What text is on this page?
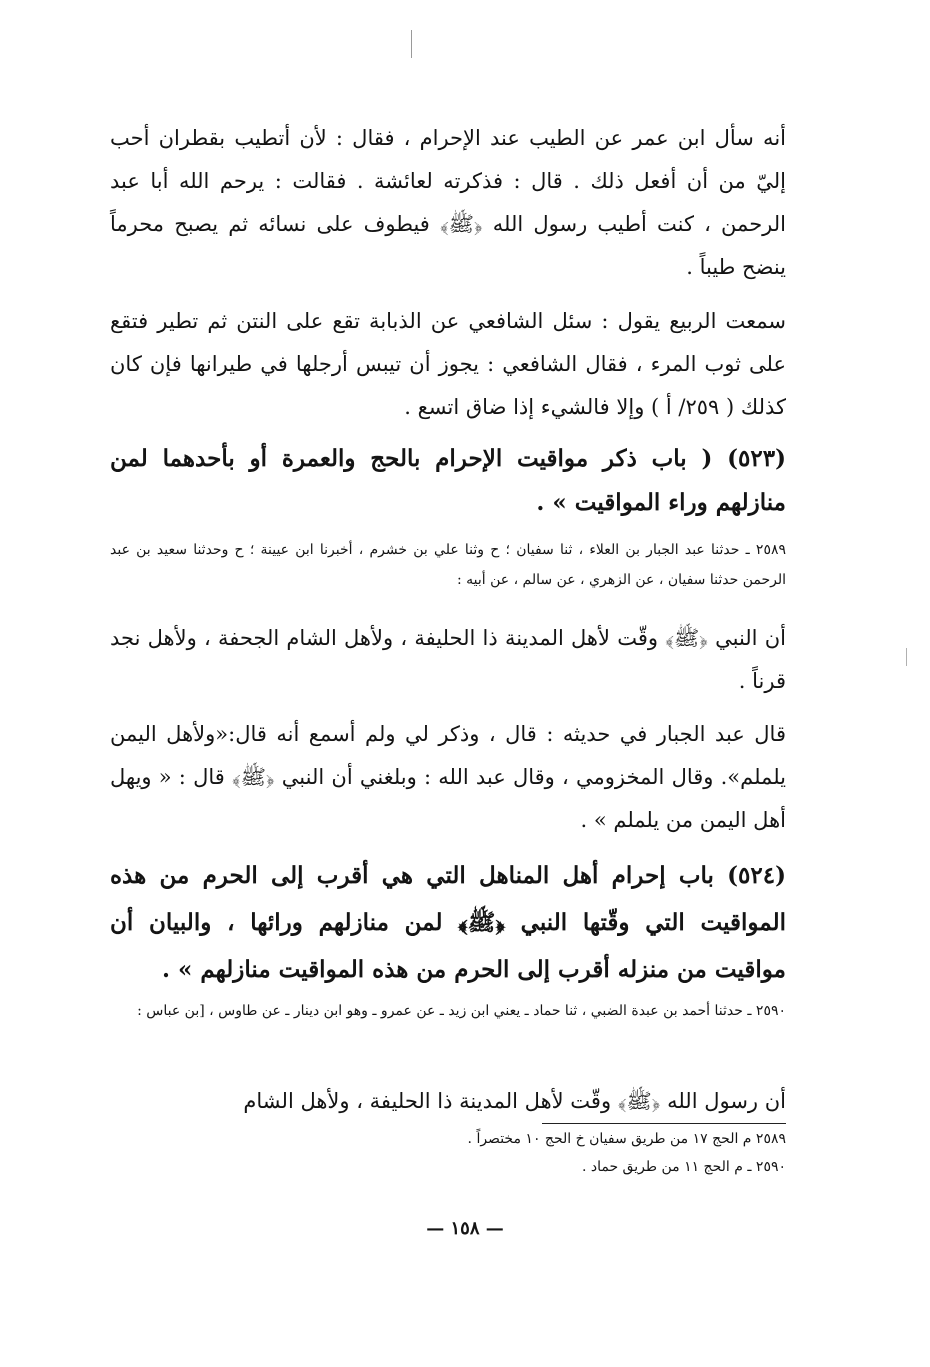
أنه سأل ابن عمر عن الطيب عند الإحرام ، فقال : لأن أتطيب بقطران أحب إليّ من أن أفعل ذلك . قال : فذكرته لعائشة . فقالت : يرحم الله أبا عبد الرحمن ، كنت أطيب رسول الله ﴿ﷺ﴾ فيطوف على نسائه ثم يصبح محرماً ينضح طيباً .
سمعت الربيع يقول : سئل الشافعي عن الذبابة تقع على النتن ثم تطير فتقع على ثوب المرء ، فقال الشافعي : يجوز أن تيبس أرجلها في طيرانها فإن كان كذلك ( ٢٥٩/ أ ) وإلا فالشيء إذا ضاق اتسع .
(٥٢٣) ( باب ذكر مواقيت الإحرام بالحج والعمرة أو بأحدهما لمن منازلهم وراء المواقيت » .
٢٥٨٩ ـ حدثنا عبد الجبار بن العلاء ، ثنا سفيان ؛ ح وثنا علي بن خشرم ، أخبرنا ابن عيينة ؛ ح وحدثنا سعيد بن عبد الرحمن حدثنا سفيان ، عن الزهري ، عن سالم ، عن أبيه :
أن النبي ﴿ﷺ﴾ وقّت لأهل المدينة ذا الحليفة ، ولأهل الشام الجحفة ، ولأهل نجد قرناً .
قال عبد الجبار في حديثه : قال ، وذكر لي ولم أسمع أنه قال:«ولأهل اليمن يلملم». وقال المخزومي ، وقال عبد الله : وبلغني أن النبي ﴿ﷺ﴾ قال : « ويهل أهل اليمن من يلملم » .
(٥٢٤) باب إحرام أهل المناهل التي هي أقرب إلى الحرم من هذه المواقيت التي وقّتها النبي ﴿ﷺ﴾ لمن منازلهم ورائها ، والبيان أن مواقيت من منزله أقرب إلى الحرم من هذه المواقيت منازلهم » .
٢٥٩٠ ـ حدثنا أحمد بن عبدة الضبي ، ثنا حماد ـ يعني ابن زيد ـ عن عمرو ـ وهو ابن دينار ـ عن طاوس ، [بن عباس :
أن رسول الله ﴿ﷺ﴾ وقّت لأهل المدينة ذا الحليفة ، ولأهل الشام
٢٥٨٩ م الحج ١٧ من طريق سفيان خ الحج ١٠ مختصراً .
٢٥٩٠ ـ م الحج ١١ من طريق حماد .
— ١٥٨ —
